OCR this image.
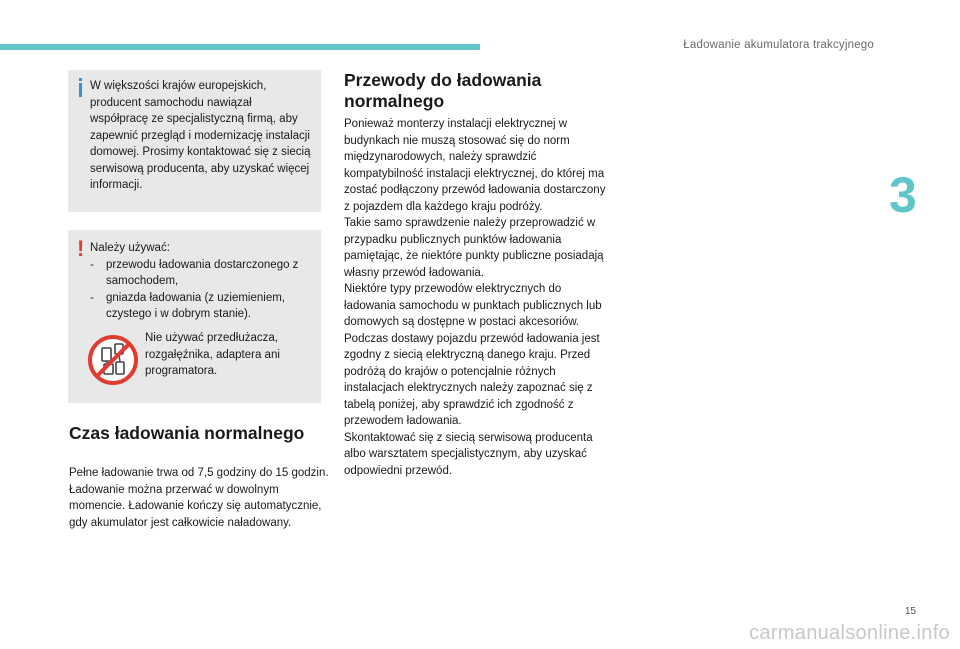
Ładowanie akumulatora trakcyjnego
3
W większości krajów europejskich, producent samochodu nawiązał współpracę ze specjalistyczną firmą, aby zapewnić przegląd i modernizację instalacji domowej. Prosimy kontaktować się z siecią serwisową producenta, aby uzyskać więcej informacji.
! Należy używać:
- przewodu ładowania dostarczonego z samochodem,
- gniazda ładowania (z uziemieniem, czystego i w dobrym stanie).
Nie używać przedłużacza, rozgałęźnika, adaptera ani programatora.
Czas ładowania normalnego
Pełne ładowanie trwa od 7,5 godziny do 15 godzin. Ładowanie można przerwać w dowolnym momencie. Ładowanie kończy się automatycznie, gdy akumulator jest całkowicie naładowany.
Przewody do ładowania normalnego

Ponieważ monterzy instalacji elektrycznej w budynkach nie muszą stosować się do norm międzynarodowych, należy sprawdzić kompatybilność instalacji elektrycznej, do której ma zostać podłączony przewód ładowania dostarczony z pojazdem dla każdego kraju podróży.

Takie samo sprawdzenie należy przeprowadzić w przypadku publicznych punktów ładowania pamiętając, że niektóre punkty publiczne posiadają własny przewód ładowania.

Niektóre typy przewodów elektrycznych do ładowania samochodu w punktach publicznych lub domowych są dostępne w postaci akcesoriów.

Podczas dostawy pojazdu przewód ładowania jest zgodny z siecią elektryczną danego kraju. Przed podróżą do krajów o potencjalnie różnych instalacjach elektrycznych należy zapoznać się z tabelą poniżej, aby sprawdzić ich zgodność z przewodem ładowania.

Skontaktować się z siecią serwisową producenta albo warsztatem specjalistycznym, aby uzyskać odpowiedni przewód.

15
carmanualsonline.info
